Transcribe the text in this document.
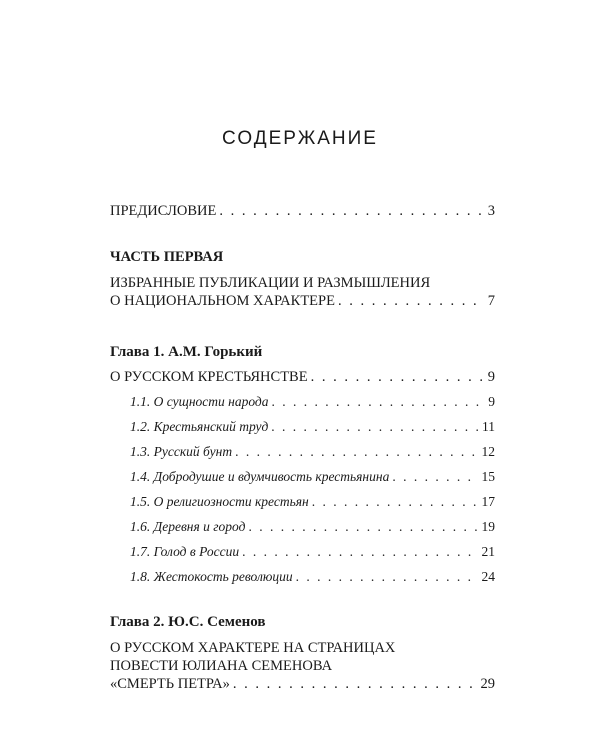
СОДЕРЖАНИЕ
ПРЕДИСЛОВИЕ . . .	3
ЧАСТЬ ПЕРВАЯ
ИЗБРАННЫЕ ПУБЛИКАЦИИ И РАЗМЫШЛЕНИЯ
О НАЦИОНАЛЬНОМ ХАРАКТЕРЕ . . .	7
Глава 1. А.М. Горький
О РУССКОМ КРЕСТЬЯНСТВЕ . . .	9
1.1. О сущности народа . . .	9
1.2. Крестьянский труд . . .	11
1.3. Русский бунт . . .	12
1.4. Добродушие и вдумчивость крестьянина . . .	15
1.5. О религиозности крестьян . . .	17
1.6. Деревня и город . . .	19
1.7. Голод в России . . .	21
1.8. Жестокость революции . . .	24
Глава 2. Ю.С. Семенов
О РУССКОМ ХАРАКТЕРЕ НА СТРАНИЦАХ
ПОВЕСТИ ЮЛИАНА СЕМЕНОВА
«СМЕРТЬ ПЕТРА» . . .	29
